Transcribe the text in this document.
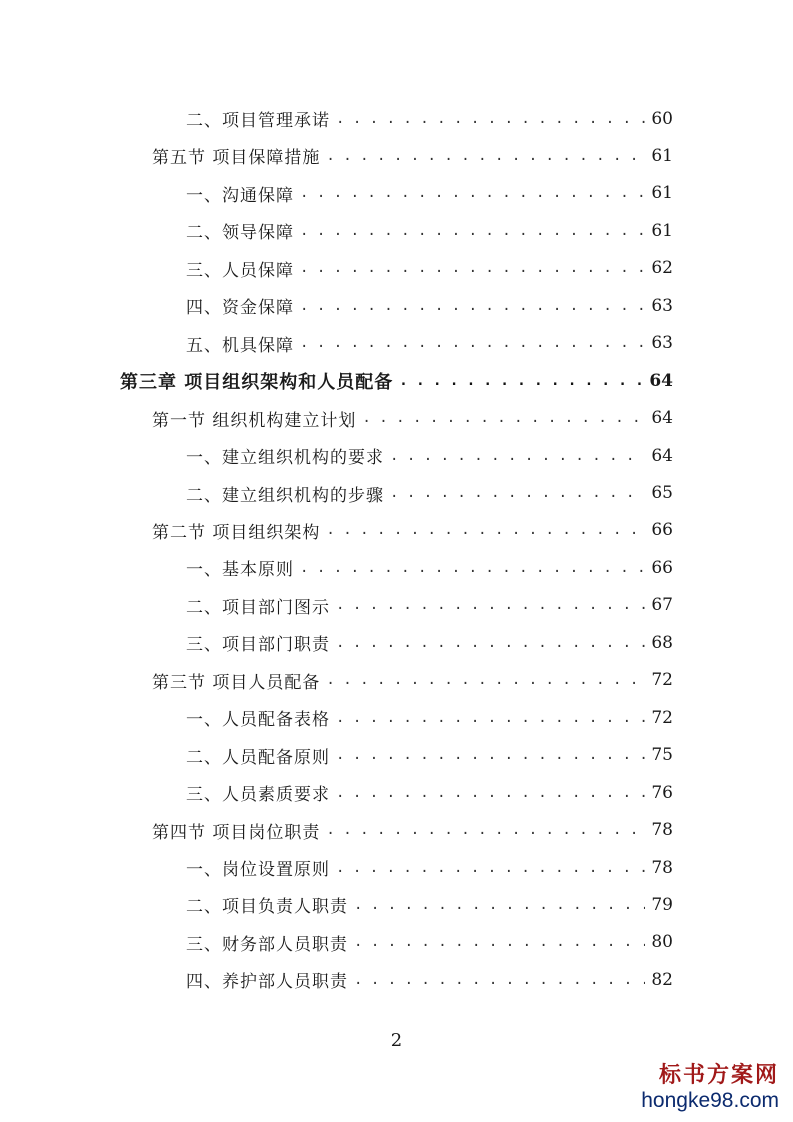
二、项目管理承诺 . . .	60
第五节 项目保障措施 . . .	61
一、沟通保障 . . .	61
二、领导保障 . . .	61
三、人员保障 . . .	62
四、资金保障 . . .	63
五、机具保障 . . .	63
第三章 项目组织架构和人员配备 . . .	64
第一节 组织机构建立计划 . . .	64
一、建立组织机构的要求 . . .	64
二、建立组织机构的步骤 . . .	65
第二节 项目组织架构 . . .	66
一、基本原则 . . .	66
二、项目部门图示 . . .	67
三、项目部门职责 . . .	68
第三节 项目人员配备 . . .	72
一、人员配备表格 . . .	72
二、人员配备原则 . . .	75
三、人员素质要求 . . .	76
第四节 项目岗位职责 . . .	78
一、岗位设置原则 . . .	78
二、项目负责人职责 . . .	79
三、财务部人员职责 . . .	80
四、养护部人员职责 . . .	82
2
标书方案网
hongke98.com
